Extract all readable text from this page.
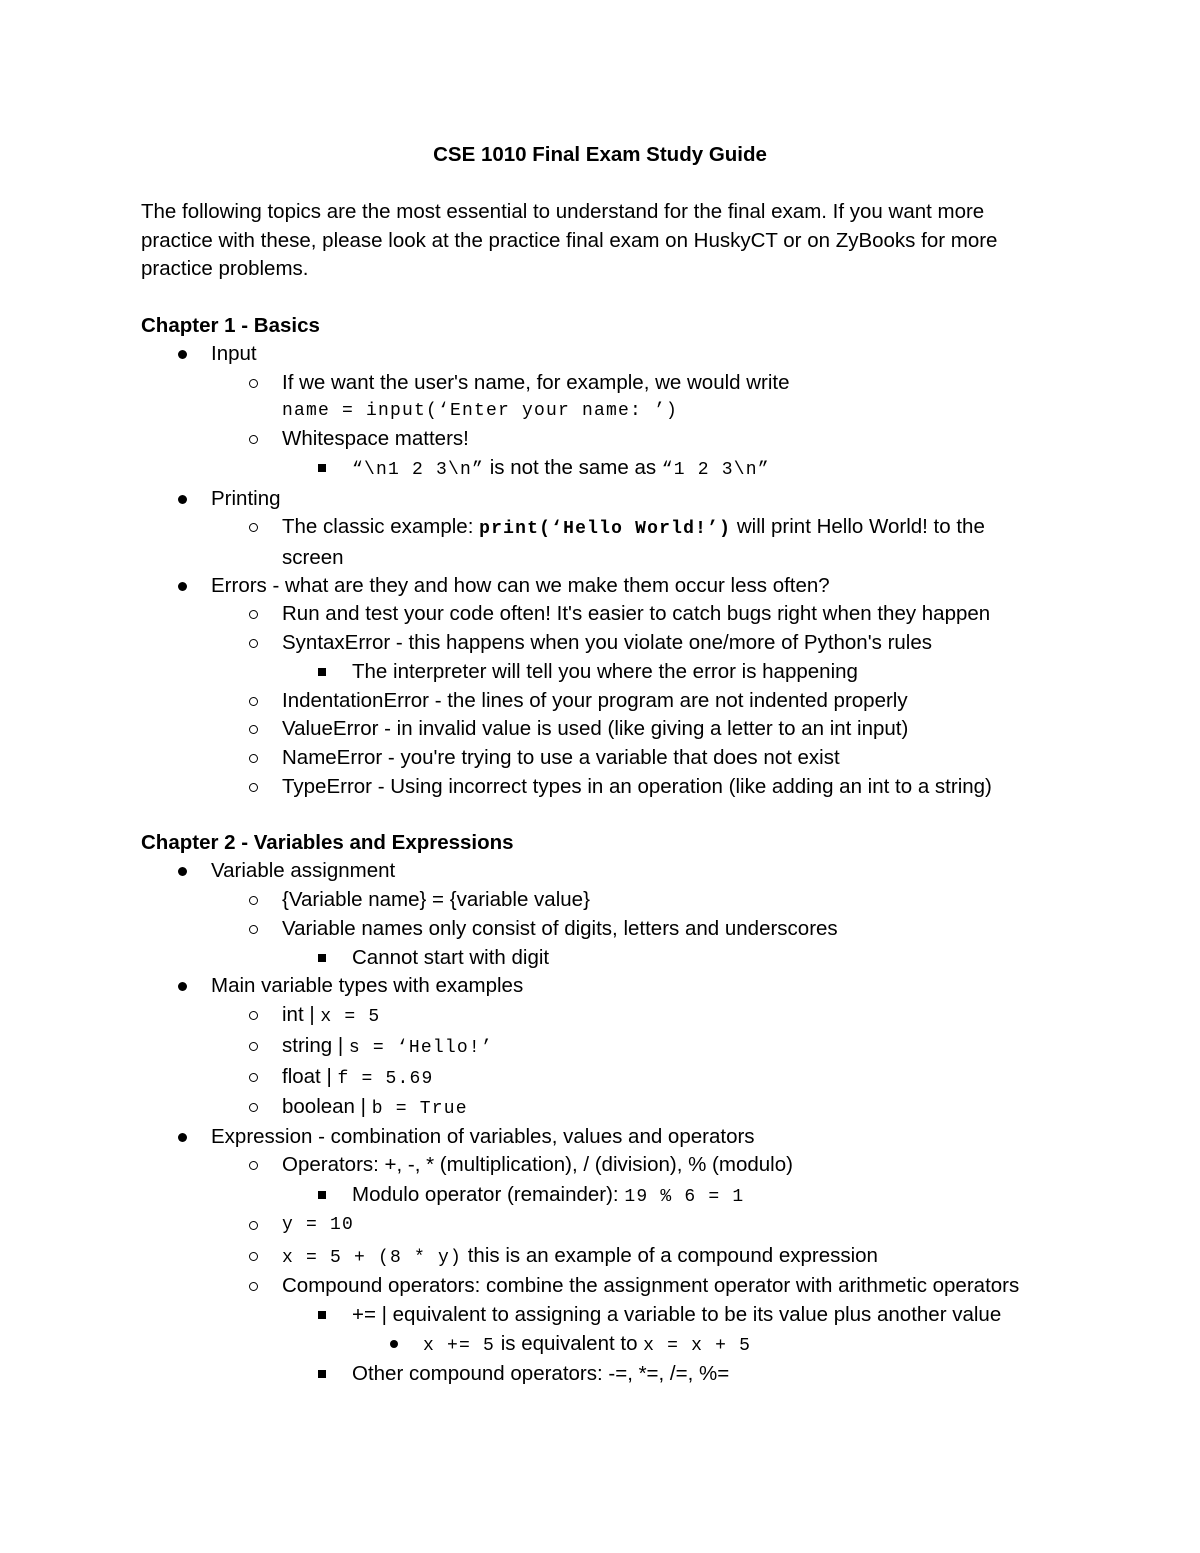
CSE 1010 Final Exam Study Guide
The following topics are the most essential to understand for the final exam. If you want more
practice with these, please look at the practice final exam on HuskyCT or on ZyBooks for more
practice problems.
Chapter 1 - Basics
Input
If we want the user's name, for example, we would write
name = input(‘Enter your name: ’)
Whitespace matters!
“\n1 2 3\n” is not the same as “1 2 3\n”
Printing
The classic example: print(‘Hello World!’) will print Hello World! to the
screen
Errors - what are they and how can we make them occur less often?
Run and test your code often! It's easier to catch bugs right when they happen
SyntaxError - this happens when you violate one/more of Python's rules
The interpreter will tell you where the error is happening
IndentationError - the lines of your program are not indented properly
ValueError - in invalid value is used (like giving a letter to an int input)
NameError - you're trying to use a variable that does not exist
TypeError - Using incorrect types in an operation (like adding an int to a string)
Chapter 2 - Variables and Expressions
Variable assignment
{Variable name} = {variable value}
Variable names only consist of digits, letters and underscores
Cannot start with digit
Main variable types with examples
int | x = 5
string | s = ‘Hello!’
float | f = 5.69
boolean | b = True
Expression - combination of variables, values and operators
Operators: +, -, * (multiplication), / (division), % (modulo)
Modulo operator (remainder): 19 % 6 = 1
y = 10
x = 5 + (8 * y) this is an example of a compound expression
Compound operators: combine the assignment operator with arithmetic operators
+= | equivalent to assigning a variable to be its value plus another value
x += 5 is equivalent to x = x + 5
Other compound operators: -=, *=, /=, %=
